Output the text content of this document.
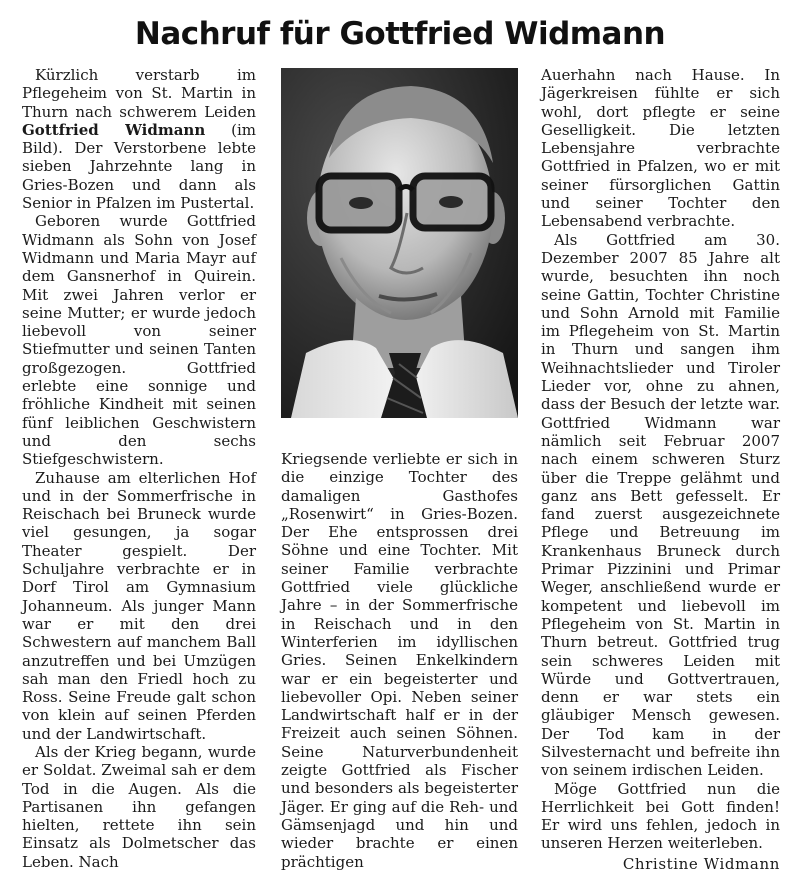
Nachruf für Gottfried Widmann

Kürzlich verstarb im Pflegeheim von St. Martin in Thurn nach schwerem Leiden Gottfried Widmann (im Bild). Der Verstorbene lebte sieben Jahrzehnte lang in Gries-Bozen und dann als Senior in Pfalzen im Pustertal.

Geboren wurde Gottfried Widmann als Sohn von Josef Widmann und Maria Mayr auf dem Gansnerhof in Quirein. Mit zwei Jahren verlor er seine Mutter; er wurde jedoch liebevoll von seiner Stiefmutter und seinen Tanten großgezogen. Gottfried erlebte eine sonnige und fröhliche Kindheit mit seinen fünf leiblichen Geschwistern und den sechs Stiefgeschwistern.

Zuhause am elterlichen Hof und in der Sommerfrische in Reischach bei Bruneck wurde viel gesungen, ja sogar Theater gespielt. Der Schuljahre verbrachte er in Dorf Tirol am Gymnasium Johanneum. Als junger Mann war er mit den drei Schwestern auf manchem Ball anzutreffen und bei Umzügen sah man den Friedl hoch zu Ross. Seine Freude galt schon von klein auf seinen Pferden und der Landwirtschaft.

Als der Krieg begann, wurde er Soldat. Zweimal sah er dem Tod in die Augen. Als die Partisanen ihn gefangen hielten, rettete ihn sein Einsatz als Dolmetscher das Leben. Nach

Kriegsende verliebte er sich in die einzige Tochter des damaligen Gasthofes „Rosenwirt“ in Gries-Bozen. Der Ehe entsprossen drei Söhne und eine Tochter. Mit seiner Familie verbrachte Gottfried viele glückliche Jahre – in der Sommerfrische in Reischach und in den Winterferien im idyllischen Gries. Seinen Enkelkindern war er ein begeisterter und liebevoller Opi. Neben seiner Landwirtschaft half er in der Freizeit auch seinen Söhnen. Seine Naturverbundenheit zeigte Gottfried als Fischer und besonders als begeisterter Jäger. Er ging auf die Reh- und Gämsenjagd und hin und wieder brachte er einen prächtigen

Auerhahn nach Hause. In Jägerkreisen fühlte er sich wohl, dort pflegte er seine Geselligkeit. Die letzten Lebensjahre verbrachte Gottfried in Pfalzen, wo er mit seiner fürsorglichen Gattin und seiner Tochter den Lebensabend verbrachte.

Als Gottfried am 30. Dezember 2007 85 Jahre alt wurde, besuchten ihn noch seine Gattin, Tochter Christine und Sohn Arnold mit Familie im Pflegeheim von St. Martin in Thurn und sangen ihm Weihnachtslieder und Tiroler Lieder vor, ohne zu ahnen, dass der Besuch der letzte war. Gottfried Widmann war nämlich seit Februar 2007 nach einem schweren Sturz über die Treppe gelähmt und ganz ans Bett gefesselt. Er fand zuerst ausgezeichnete Pflege und Betreuung im Krankenhaus Bruneck durch Primar Pizzinini und Primar Weger, anschließend wurde er kompetent und liebevoll im Pflegeheim von St. Martin in Thurn betreut. Gottfried trug sein schweres Leiden mit Würde und Gottvertrauen, denn er war stets ein gläubiger Mensch gewesen. Der Tod kam in der Silvesternacht und befreite ihn von seinem irdischen Leiden.

Möge Gottfried nun die Herrlichkeit bei Gott finden! Er wird uns fehlen, jedoch in unseren Herzen weiterleben.

Christine Widmann
